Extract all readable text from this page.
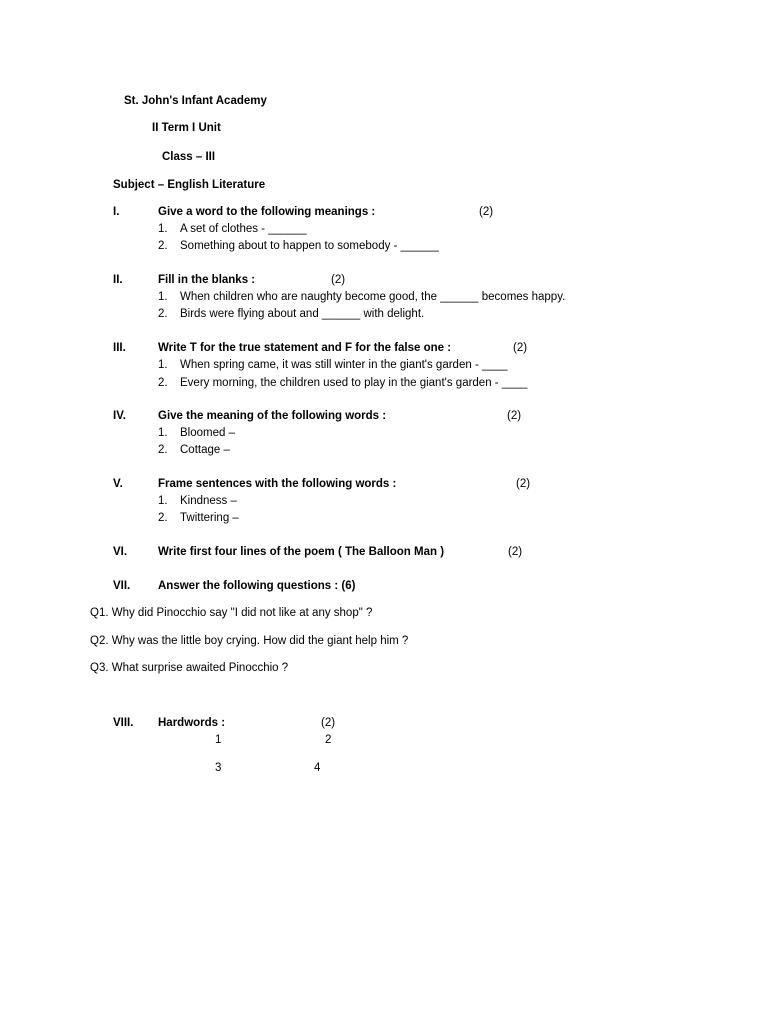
St. John's Infant Academy
II Term I Unit
Class – III
Subject – English Literature
I.	Give a word to the following meanings :	(2)
1. A set of clothes - ______
2. Something about to happen to somebody - ______
II.	Fill in the blanks :	(2)
1. When children who are naughty become good, the ______ becomes happy.
2. Birds were flying about and ______ with delight.
III.	Write T for the true statement and F for the false one :	(2)
1. When spring came, it was still winter in the giant's garden - ____
2. Every morning, the children used to play in the giant's garden - ____
IV.	Give the meaning of the following words :	(2)
1. Bloomed –
2. Cottage –
V.	Frame sentences with the following words :	(2)
1. Kindness –
2. Twittering –
VI.	Write first four lines of the poem ( The Balloon Man )	(2)
VII. Answer the following questions : (6)
Q1. Why did Pinocchio say "I did not like at any shop" ?
Q2. Why was the little boy crying. How did the giant help him ?
Q3. What surprise awaited Pinocchio ?
VIII. Hardwords :	(2)
1	2
3	4
